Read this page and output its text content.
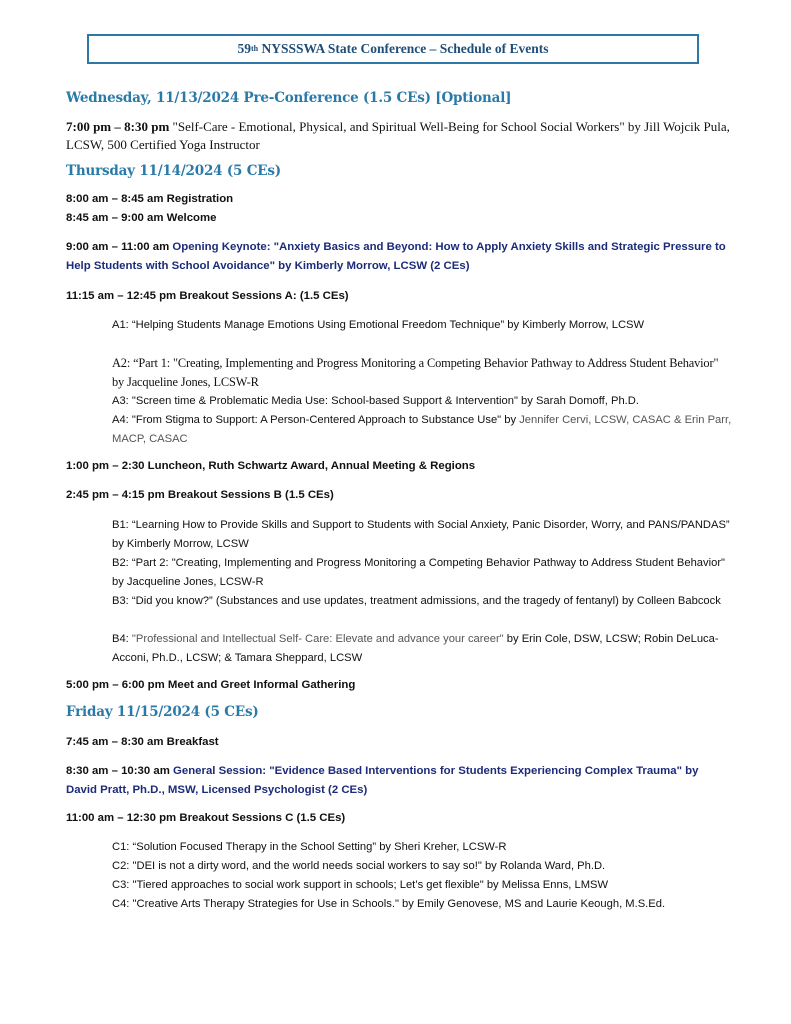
59 th NYSSSWA State Conference – Schedule of Events
Wednesday, 11/13/2024 Pre-Conference (1.5 CEs) [Optional]
7:00 pm – 8:30 pm "Self-Care - Emotional, Physical, and Spiritual Well-Being for School Social Workers" by Jill Wojcik Pula, LCSW, 500 Certified Yoga Instructor
Thursday 11/14/2024 (5 CEs)
8:00 am – 8:45 am Registration
8:45 am – 9:00 am Welcome
9:00 am – 11:00 am Opening Keynote: "Anxiety Basics and Beyond: How to Apply Anxiety Skills and Strategic Pressure to Help Students with School Avoidance" by Kimberly Morrow, LCSW (2 CEs)
11:15 am – 12:45 pm Breakout Sessions A: (1.5 CEs)
A1: “Helping Students Manage Emotions Using Emotional Freedom Technique” by Kimberly Morrow, LCSW
A2: “Part 1: "Creating, Implementing and Progress Monitoring a Competing Behavior Pathway to Address Student Behavior" by Jacqueline Jones, LCSW-R
A3: "Screen time & Problematic Media Use: School-based Support & Intervention" by Sarah Domoff, Ph.D.
A4: "From Stigma to Support: A Person-Centered Approach to Substance Use" by Jennifer Cervi, LCSW, CASAC & Erin Parr, MACP, CASAC
1:00 pm – 2:30 Luncheon, Ruth Schwartz Award, Annual Meeting & Regions
2:45 pm – 4:15 pm Breakout Sessions B (1.5 CEs)
B1: “Learning How to Provide Skills and Support to Students with Social Anxiety, Panic Disorder, Worry, and PANS/PANDAS” by Kimberly Morrow, LCSW
B2: “Part 2: "Creating, Implementing and Progress Monitoring a Competing Behavior Pathway to Address Student Behavior" by Jacqueline Jones, LCSW-R
B3: “Did you know?” (Substances and use updates, treatment admissions, and the tragedy of fentanyl) by Colleen Babcock
B4: "Professional and Intellectual Self- Care: Elevate and advance your career" by Erin Cole, DSW, LCSW; Robin DeLuca-Acconi, Ph.D., LCSW; & Tamara Sheppard, LCSW
5:00 pm – 6:00 pm Meet and Greet Informal Gathering
Friday 11/15/2024 (5 CEs)
7:45 am – 8:30 am Breakfast
8:30 am – 10:30 am General Session: "Evidence Based Interventions for Students Experiencing Complex Trauma" by David Pratt, Ph.D., MSW, Licensed Psychologist (2 CEs)
11:00 am – 12:30 pm Breakout Sessions C (1.5 CEs)
C1: “Solution Focused Therapy in the School Setting” by Sheri Kreher, LCSW-R
C2: "DEI is not a dirty word, and the world needs social workers to say so!" by Rolanda Ward, Ph.D.
C3: "Tiered approaches to social work support in schools; Let’s get flexible" by Melissa Enns, LMSW
C4: "Creative Arts Therapy Strategies for Use in Schools." by Emily Genovese, MS and Laurie Keough, M.S.Ed.
